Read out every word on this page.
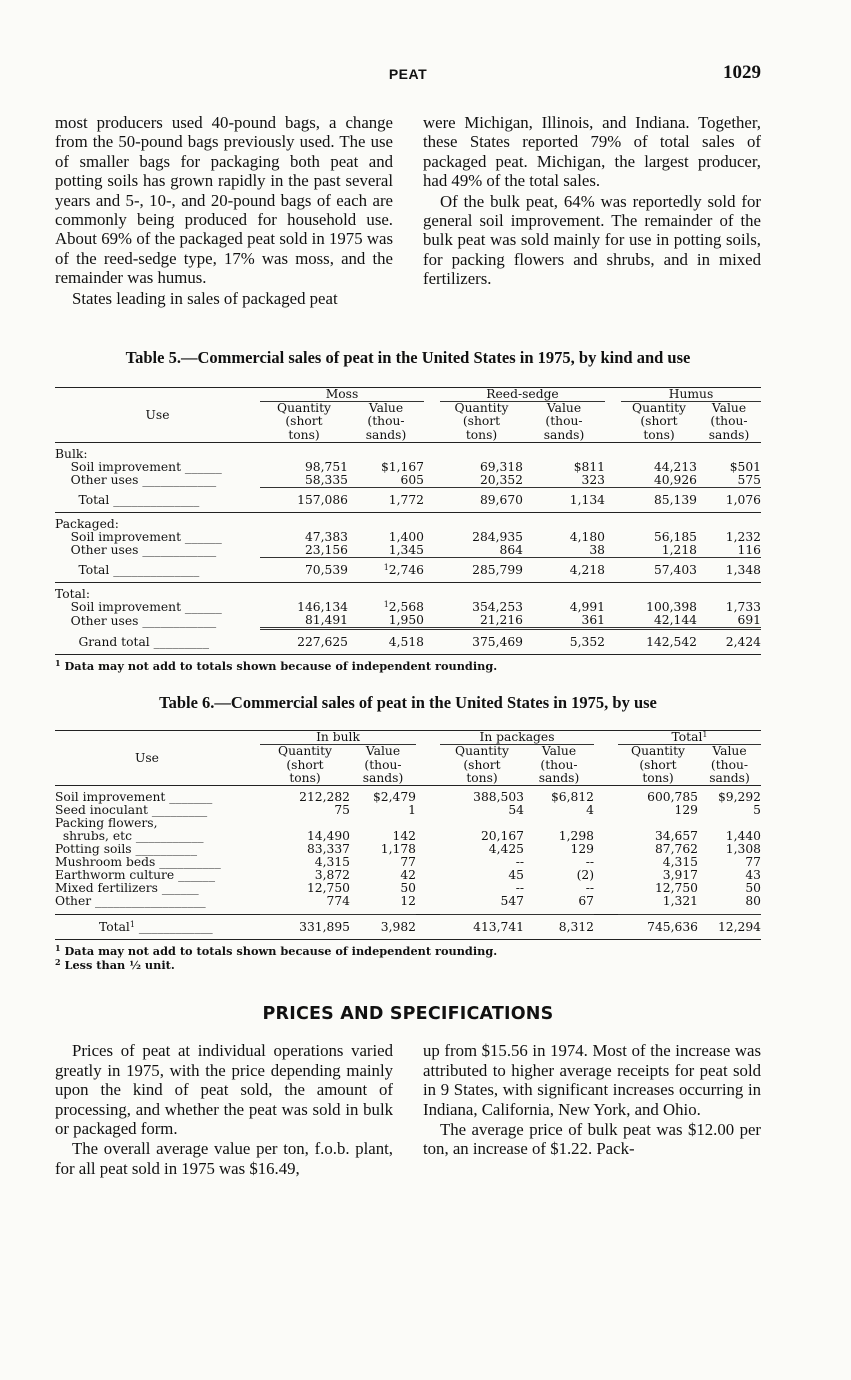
PEAT	1029

most producers used 40-pound bags, a change from the 50-pound bags previously used. The use of smaller bags for packaging both peat and potting soils has grown rapidly in the past several years and 5-, 10-, and 20-pound bags of each are commonly being produced for household use. About 69% of the packaged peat sold in 1975 was of the reed-sedge type, 17% was moss, and the remainder was humus.

States leading in sales of packaged peat

were Michigan, Illinois, and Indiana. Together, these States reported 79% of total sales of packaged peat. Michigan, the largest producer, had 49% of the total sales.

Of the bulk peat, 64% was reportedly sold for general soil improvement. The remainder of the bulk peat was sold mainly for use in potting soils, for packing flowers and shrubs, and in mixed fertilizers.

Table 5.—Commercial sales of peat in the United States in 1975, by kind and use

Use	Moss			Reed-sedge			Humus	
	Quantity
(short
tons)	Value
(thou-
sands)		Quantity
(short
tons)	Value
(thou-
sands)		Quantity
(short
tons)	Value
(thou-
sands)
Bulk:								
Soil improvement ______	98,751	$1,167		69,318	$811		44,213	$501
Other uses ____________	58,335	605		20,352	323		40,926	575
Total ______________	157,086	1,772		89,670	1,134		85,139	1,076
Packaged:								
Soil improvement ______	47,383	1,400		284,935	4,180		56,185	1,232
Other uses ____________	23,156	1,345		864	38		1,218	116
Total ______________	70,539	$^1$2,746		285,799	4,218		57,403	1,348
Total:								
Soil improvement ______	146,134	$^1$2,568		354,253	4,991		100,398	1,733
Other uses ____________	81,491	1,950		21,216	361		42,144	691
Grand total _________	227,625	4,518		375,469	5,352		142,542	2,424
$^1$ Data may not add to totals shown because of independent rounding.

Table 6.—Commercial sales of peat in the United States in 1975, by use

Use	In bulk			In packages			Total$^1$
	Quantity
(short
tons)	Value
(thou-
sands)		Quantity
(short
tons)	Value
(thou-
sands)		Quantity
(short
tons)	Value
(thou-
sands)
Soil improvement _______	212,282	$2,479		388,503	$6,812		600,785	$9,292
Seed inoculant _________	75	1		54	4		129	5
Packing flowers,								
shrubs, etc ___________	14,490	142		20,167	1,298		34,657	1,440
Potting soils __________	83,337	1,178		4,425	129		87,762	1,308
Mushroom beds __________	4,315	77		--	--		4,315	77
Earthworm culture ______	3,872	42		45	(2)		3,917	43
Mixed fertilizers ______	12,750	50		--	--		12,750	50
Other __________________	774	12		547	67		1,321	80

Total$^1$ ____________	331,895	3,982		413,741	8,312		745,636	12,294
$^1$ Data may not add to totals shown because of independent rounding.
$^2$ Less than ½ unit.

PRICES AND SPECIFICATIONS

Prices of peat at individual operations varied greatly in 1975, with the price depending mainly upon the kind of peat sold, the amount of processing, and whether the peat was sold in bulk or packaged form.

The overall average value per ton, f.o.b. plant, for all peat sold in 1975 was $16.49,

up from $15.56 in 1974. Most of the increase was attributed to higher average receipts for peat sold in 9 States, with significant increases occurring in Indiana, California, New York, and Ohio.

The average price of bulk peat was $12.00 per ton, an increase of $1.22. Pack-
